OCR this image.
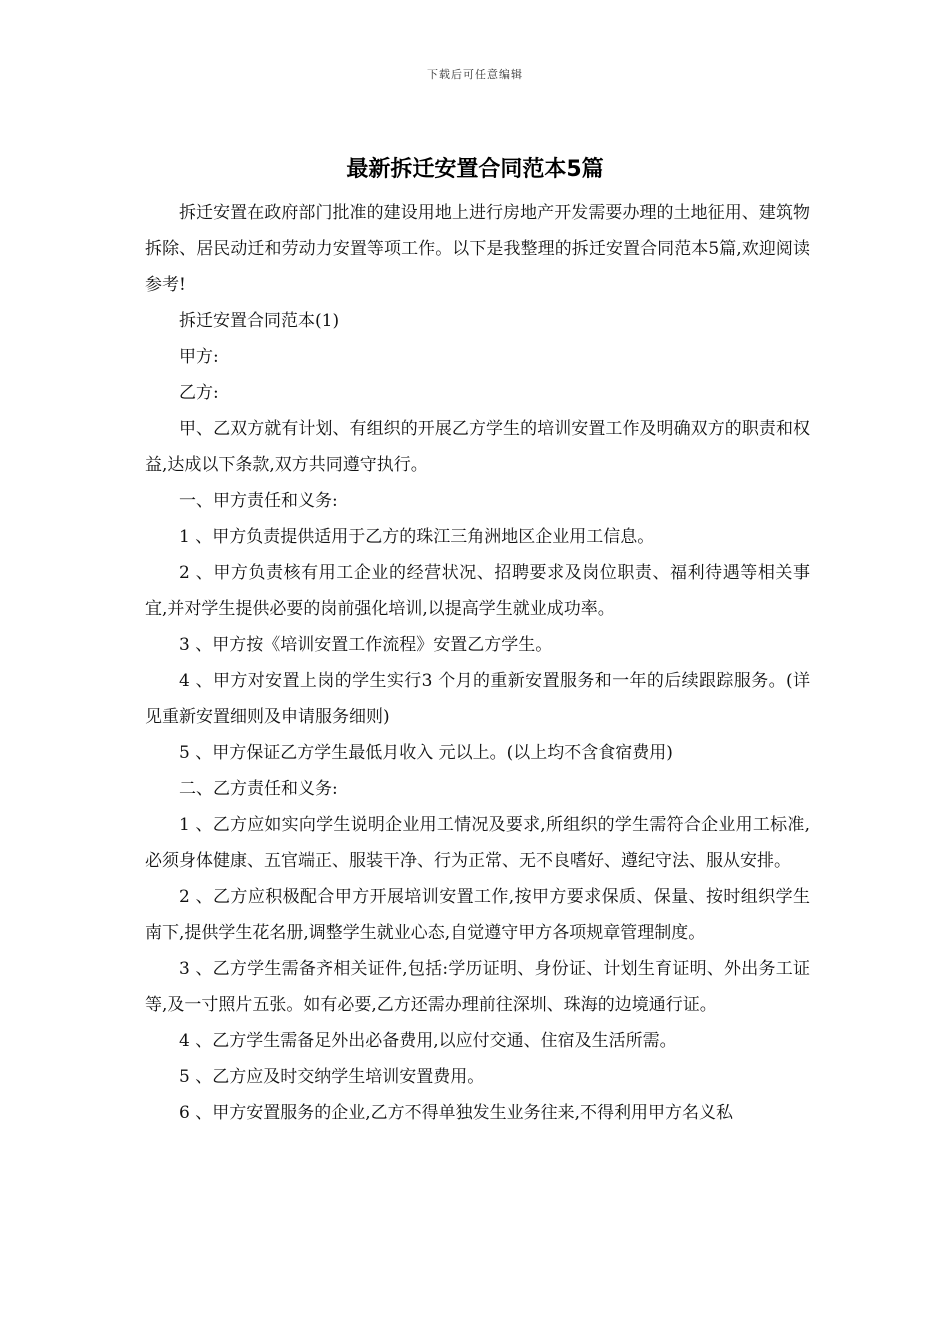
下载后可任意编辑
最新拆迁安置合同范本5篇

拆迁安置在政府部门批准的建设用地上进行房地产开发需要办理的土地征用、建筑物拆除、居民动迁和劳动力安置等项工作。以下是我整理的拆迁安置合同范本5篇,欢迎阅读参考!

拆迁安置合同范本(1)

甲方:

乙方:

甲、乙双方就有计划、有组织的开展乙方学生的培训安置工作及明确双方的职责和权益,达成以下条款,双方共同遵守执行。

一、甲方责任和义务:

1 、甲方负责提供适用于乙方的珠江三角洲地区企业用工信息。

2 、甲方负责核有用工企业的经营状况、招聘要求及岗位职责、福利待遇等相关事宜,并对学生提供必要的岗前强化培训,以提高学生就业成功率。

3 、甲方按《培训安置工作流程》安置乙方学生。

4 、甲方对安置上岗的学生实行3 个月的重新安置服务和一年的后续跟踪服务。(详见重新安置细则及申请服务细则)

5 、甲方保证乙方学生最低月收入 元以上。(以上均不含食宿费用)

二、乙方责任和义务:

1 、乙方应如实向学生说明企业用工情况及要求,所组织的学生需符合企业用工标准,必须身体健康、五官端正、服装干净、行为正常、无不良嗜好、遵纪守法、服从安排。

2 、乙方应积极配合甲方开展培训安置工作,按甲方要求保质、保量、按时组织学生南下,提供学生花名册,调整学生就业心态,自觉遵守甲方各项规章管理制度。

3 、乙方学生需备齐相关证件,包括:学历证明、身份证、计划生育证明、外出务工证等,及一寸照片五张。如有必要,乙方还需办理前往深圳、珠海的边境通行证。

4 、乙方学生需备足外出必备费用,以应付交通、住宿及生活所需。

5 、乙方应及时交纳学生培训安置费用。

6 、甲方安置服务的企业,乙方不得单独发生业务往来,不得利用甲方名义私
